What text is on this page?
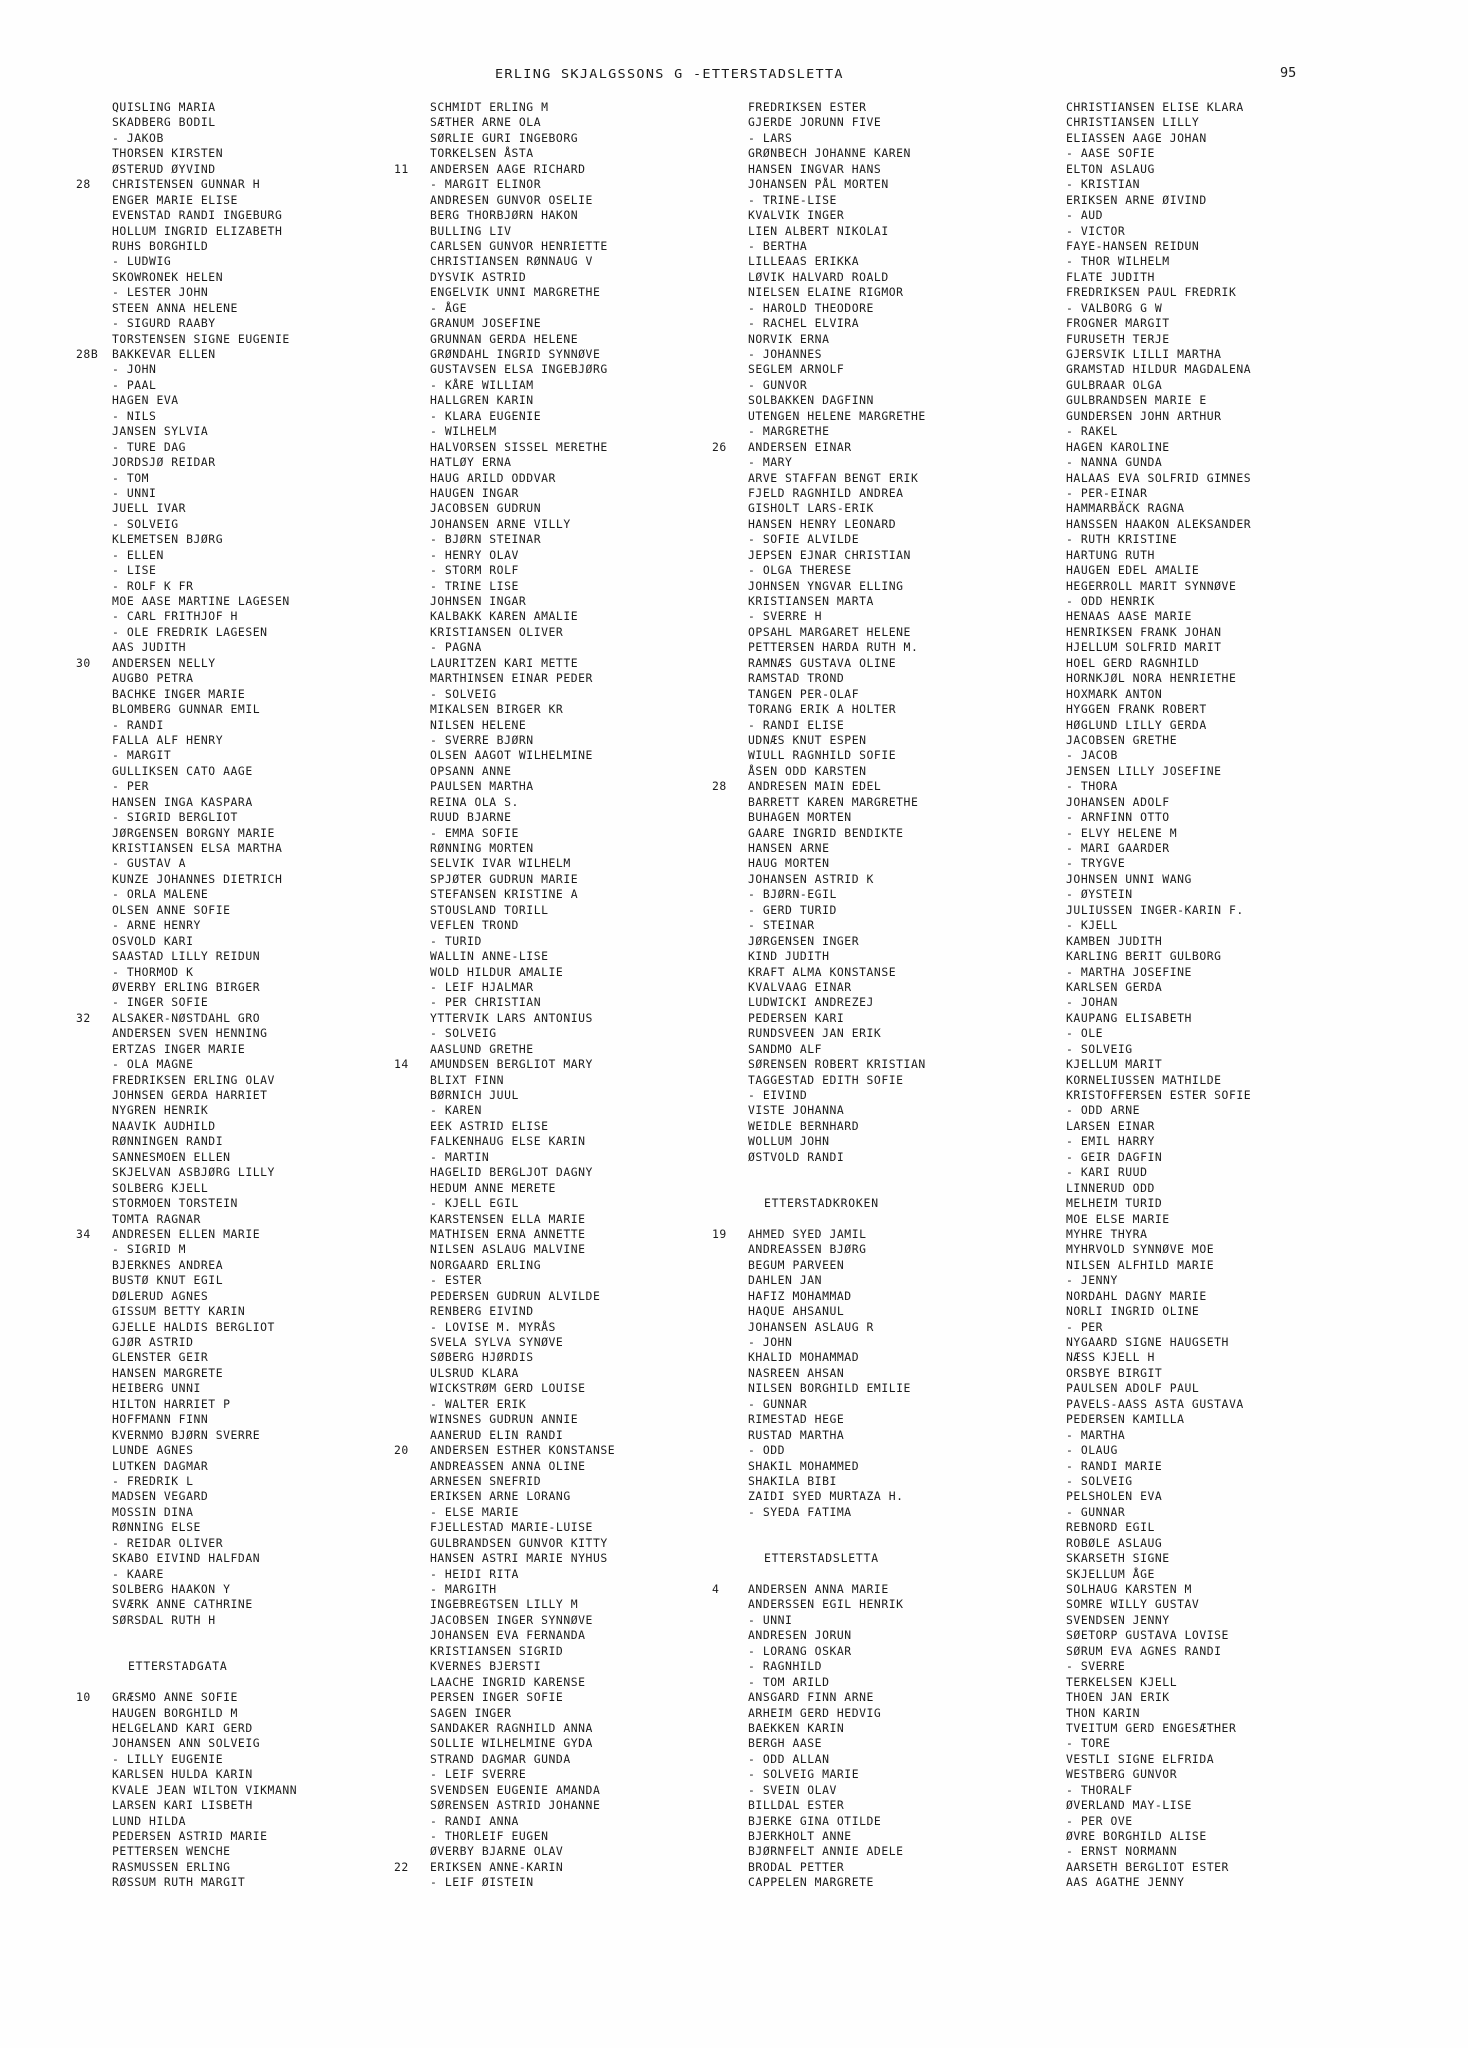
ERLING SKJALGSSONS G -ETTERSTADSLETTA	95
QUISLING MARIA
SKADBERG BODIL
- JAKOB
THORSEN KIRSTEN
ØSTERUD ØYVIND
28	CHRISTENSEN GUNNAR H
ENGER MARIE ELISE
EVENSTAD RANDI INGEBURG
HOLLUM INGRID ELIZABETH
RUHS BORGHILD
- LUDWIG
SKOWRONEK HELEN
- LESTER JOHN
STEEN ANNA HELENE
- SIGURD RAABY
TORSTENSEN SIGNE EUGENIE
28B	BAKKEVAR ELLEN
- JOHN
- PAAL
HAGEN EVA
- NILS
JANSEN SYLVIA
- TURE DAG
JORDSJØ REIDAR
- TOM
- UNNI
JUELL IVAR
- SOLVEIG
KLEMETSEN BJØRG
- ELLEN
- LISE
- ROLF K FR
MOE AASE MARTINE LAGESEN
- CARL FRITHJOF H
- OLE FREDRIK LAGESEN
AAS JUDITH
30	ANDERSEN NELLY
AUGBO PETRA
BACHKE INGER MARIE
BLOMBERG GUNNAR EMIL
- RANDI
FALLA ALF HENRY
- MARGIT
GULLIKSEN CATO AAGE
- PER
HANSEN INGA KASPARA
- SIGRID BERGLIOT
JØRGENSEN BORGNY MARIE
KRISTIANSEN ELSA MARTHA
- GUSTAV A
KUNZE JOHANNES DIETRICH
- ORLA MALENE
OLSEN ANNE SOFIE
- ARNE HENRY
OSVOLD KARI
SAASTAD LILLY REIDUN
- THORMOD K
ØVERBY ERLING BIRGER
- INGER SOFIE
32	ALSAKER-NØSTDAHL GRO
ANDERSEN SVEN HENNING
ERTZAS INGER MARIE
- OLA MAGNE
FREDRIKSEN ERLING OLAV
JOHNSEN GERDA HARRIET
NYGREN HENRIK
NAAVIK AUDHILD
RØNNINGEN RANDI
SANNESMOEN ELLEN
SKJELVAN ASBJØRG LILLY
SOLBERG KJELL
STORMOEN TORSTEIN
TOMTA RAGNAR
34	ANDRESEN ELLEN MARIE
- SIGRID M
BJERKNES ANDREA
BUSTØ KNUT EGIL
DØLERUD AGNES
GISSUM BETTY KARIN
GJELLE HALDIS BERGLIOT
GJØR ASTRID
GLENSTER GEIR
HANSEN MARGRETE
HEIBERG UNNI
HILTON HARRIET P
HOFFMANN FINN
KVERNMO BJØRN SVERRE
LUNDE AGNES
LUTKEN DAGMAR
- FREDRIK L
MADSEN VEGARD
MOSSIN DINA
RØNNING ELSE
- REIDAR OLIVER
SKABO EIVIND HALFDAN
- KAARE
SOLBERG HAAKON Y
SVÆRK ANNE CATHRINE
SØRSDAL RUTH H
ETTERSTADGATA
10	GRÆSMO ANNE SOFIE
HAUGEN BORGHILD M
HELGELAND KARI GERD
JOHANSEN ANN SOLVEIG
- LILLY EUGENIE
KARLSEN HULDA KARIN
KVALE JEAN WILTON VIKMANN
LARSEN KARI LISBETH
LUND HILDA
PEDERSEN ASTRID MARIE
PETTERSEN WENCHE
RASMUSSEN ERLING
RØSSUM RUTH MARGIT
SCHMIDT ERLING M
SÆTHER ARNE OLA
SØRLIE GURI INGEBORG
TORKELSEN ÅSTA
11	ANDERSEN AAGE RICHARD
- MARGIT ELINOR
ANDRESEN GUNVOR OSELIE
BERG THORBJØRN HAKON
BULLING LIV
CARLSEN GUNVOR HENRIETTE
CHRISTIANSEN RØNNAUG V
DYSVIK ASTRID
ENGELVIK UNNI MARGRETHE
- ÅGE
GRANUM JOSEFINE
GRUNNAN GERDA HELENE
GRØNDAHL INGRID SYNNØVE
GUSTAVSEN ELSA INGEBJØRG
- KÅRE WILLIAM
HALLGREN KARIN
- KLARA EUGENIE
- WILHELM
HALVORSEN SISSEL MERETHE
HATLØY ERNA
HAUG ARILD ODDVAR
HAUGEN INGAR
JACOBSEN GUDRUN
JOHANSEN ARNE VILLY
- BJØRN STEINAR
- HENRY OLAV
- STORM ROLF
- TRINE LISE
JOHNSEN INGAR
KALBAKK KAREN AMALIE
KRISTIANSEN OLIVER
- PAGNA
LAURITZEN KARI METTE
MARTHINSEN EINAR PEDER
- SOLVEIG
MIKALSEN BIRGER KR
NILSEN HELENE
- SVERRE BJØRN
OLSEN AAGOT WILHELMINE
OPSANN ANNE
PAULSEN MARTHA
REINA OLA S.
RUUD BJARNE
- EMMA SOFIE
RØNNING MORTEN
SELVIK IVAR WILHELM
SPJØTER GUDRUN MARIE
STEFANSEN KRISTINE A
STOUSLAND TORILL
VEFLEN TROND
- TURID
WALLIN ANNE-LISE
WOLD HILDUR AMALIE
- LEIF HJALMAR
- PER CHRISTIAN
YTTERVIK LARS ANTONIUS
- SOLVEIG
AASLUND GRETHE
14	AMUNDSEN BERGLIOT MARY
BLIXT FINN
BØRNICH JUUL
- KAREN
EEK ASTRID ELISE
FALKENHAUG ELSE KARIN
- MARTIN
HAGELID BERGLJOT DAGNY
HEDUM ANNE MERETE
- KJELL EGIL
KARSTENSEN ELLA MARIE
MATHISEN ERNA ANNETTE
NILSEN ASLAUG MALVINE
NORGAARD ERLING
- ESTER
PEDERSEN GUDRUN ALVILDE
RENBERG EIVIND
- LOVISE M. MYRÅS
SVELA SYLVA SYNØVE
SØBERG HJØRDIS
ULSRUD KLARA
WICKSTRØM GERD LOUISE
- WALTER ERIK
WINSNES GUDRUN ANNIE
AANERUD ELIN RANDI
20	ANDERSEN ESTHER KONSTANSE
ANDREASSEN ANNA OLINE
ARNESEN SNEFRID
ERIKSEN ARNE LORANG
- ELSE MARIE
FJELLESTAD MARIE-LUISE
GULBRANDSEN GUNVOR KITTY
HANSEN ASTRI MARIE NYHUS
- HEIDI RITA
- MARGITH
INGEBREGTSEN LILLY M
JACOBSEN INGER SYNNØVE
JOHANSEN EVA FERNANDA
KRISTIANSEN SIGRID
KVERNES BJERSTI
LAACHE INGRID KARENSE
PERSEN INGER SOFIE
SAGEN INGER
SANDAKER RAGNHILD ANNA
SOLLIE WILHELMINE GYDA
STRAND DAGMAR GUNDA
- LEIF SVERRE
SVENDSEN EUGENIE AMANDA
SØRENSEN ASTRID JOHANNE
- RANDI ANNA
- THORLEIF EUGEN
ØVERBY BJARNE OLAV
22	ERIKSEN ANNE-KARIN
- LEIF ØISTEIN
FREDRIKSEN ESTER
GJERDE JORUNN FIVE
- LARS
GRØNBECH JOHANNE KAREN
HANSEN INGVAR HANS
JOHANSEN PÅL MORTEN
- TRINE-LISE
KVALVIK INGER
LIEN ALBERT NIKOLAI
- BERTHA
LILLEAAS ERIKKA
LØVIK HALVARD ROALD
NIELSEN ELAINE RIGMOR
- HAROLD THEODORE
- RACHEL ELVIRA
NORVIK ERNA
- JOHANNES
SEGLEM ARNOLF
- GUNVOR
SOLBAKKEN DAGFINN
UTENGEN HELENE MARGRETHE
- MARGRETHE
26	ANDERSEN EINAR
- MARY
ARVE STAFFAN BENGT ERIK
FJELD RAGNHILD ANDREA
GISHOLT LARS-ERIK
HANSEN HENRY LEONARD
- SOFIE ALVILDE
JEPSEN EJNAR CHRISTIAN
- OLGA THERESE
JOHNSEN YNGVAR ELLING
KRISTIANSEN MARTA
- SVERRE H
OPSAHL MARGARET HELENE
PETTERSEN HARDA RUTH M.
RAMNÆS GUSTAVA OLINE
RAMSTAD TROND
TANGEN PER-OLAF
TORANG ERIK A HOLTER
- RANDI ELISE
UDNÆS KNUT ESPEN
WIULL RAGNHILD SOFIE
ÅSEN ODD KARSTEN
28	ANDRESEN MAIN EDEL
BARRETT KAREN MARGRETHE
BUHAGEN MORTEN
GAARE INGRID BENDIKTE
HANSEN ARNE
HAUG MORTEN
JOHANSEN ASTRID K
- BJØRN-EGIL
- GERD TURID
- STEINAR
JØRGENSEN INGER
KIND JUDITH
KRAFT ALMA KONSTANSE
KVALVAAG EINAR
LUDWICKI ANDREZEJ
PEDERSEN KARI
RUNDSVEEN JAN ERIK
SANDMO ALF
SØRENSEN ROBERT KRISTIAN
TAGGESTAD EDITH SOFIE
- EIVIND
VISTE JOHANNA
WEIDLE BERNHARD
WOLLUM JOHN
ØSTVOLD RANDI
ETTERSTADKROKEN
19	AHMED SYED JAMIL
ANDREASSEN BJØRG
BEGUM PARVEEN
DAHLEN JAN
HAFIZ MOHAMMAD
HAQUE AHSANUL
JOHANSEN ASLAUG R
- JOHN
KHALID MOHAMMAD
NASREEN AHSAN
NILSEN BORGHILD EMILIE
- GUNNAR
RIMESTAD HEGE
RUSTAD MARTHA
- ODD
SHAKIL MOHAMMED
SHAKILA BIBI
ZAIDI SYED MURTAZA H.
- SYEDA FATIMA
ETTERSTADSLETTA
4	ANDERSEN ANNA MARIE
ANDERSSEN EGIL HENRIK
- UNNI
ANDRESEN JORUN
- LORANG OSKAR
- RAGNHILD
- TOM ARILD
ANSGARD FINN ARNE
ARHEIM GERD HEDVIG
BAEKKEN KARIN
BERGH AASE
- ODD ALLAN
- SOLVEIG MARIE
- SVEIN OLAV
BILLDAL ESTER
BJERKE GINA OTILDE
BJERKHOLT ANNE
BJØRNFELT ANNIE ADELE
BRODAL PETTER
CAPPELEN MARGRETE
CHRISTIANSEN ELISE KLARA
CHRISTIANSEN LILLY
ELIASSEN AAGE JOHAN
- AASE SOFIE
ELTON ASLAUG
- KRISTIAN
ERIKSEN ARNE ØIVIND
- AUD
- VICTOR
FAYE-HANSEN REIDUN
- THOR WILHELM
FLATE JUDITH
FREDRIKSEN PAUL FREDRIK
- VALBORG G W
FROGNER MARGIT
FURUSETH TERJE
GJERSVIK LILLI MARTHA
GRAMSTAD HILDUR MAGDALENA
GULBRAAR OLGA
GULBRANDSEN MARIE E
GUNDERSEN JOHN ARTHUR
- RAKEL
HAGEN KAROLINE
- NANNA GUNDA
HALAAS EVA SOLFRID GIMNES
- PER-EINAR
HAMMARBÄCK RAGNA
HANSSEN HAAKON ALEKSANDER
- RUTH KRISTINE
HARTUNG RUTH
HAUGEN EDEL AMALIE
HEGERROLL MARIT SYNNØVE
- ODD HENRIK
HENAAS AASE MARIE
HENRIKSEN FRANK JOHAN
HJELLUM SOLFRID MARIT
HOEL GERD RAGNHILD
HORNKJØL NORA HENRIETHE
HOXMARK ANTON
HYGGEN FRANK ROBERT
HØGLUND LILLY GERDA
JACOBSEN GRETHE
- JACOB
JENSEN LILLY JOSEFINE
- THORA
JOHANSEN ADOLF
- ARNFINN OTTO
- ELVY HELENE M
- MARI GAARDER
- TRYGVE
JOHNSEN UNNI WANG
- ØYSTEIN
JULIUSSEN INGER-KARIN F.
- KJELL
KAMBEN JUDITH
KARLING BERIT GULBORG
- MARTHA JOSEFINE
KARLSEN GERDA
- JOHAN
KAUPANG ELISABETH
- OLE
- SOLVEIG
KJELLUM MARIT
KORNELIUSSEN MATHILDE
KRISTOFFERSEN ESTER SOFIE
- ODD ARNE
LARSEN EINAR
- EMIL HARRY
- GEIR DAGFIN
- KARI RUUD
LINNERUD ODD
MELHEIM TURID
MOE ELSE MARIE
MYHRE THYRA
MYHRVOLD SYNNØVE MOE
NILSEN ALFHILD MARIE
- JENNY
NORDAHL DAGNY MARIE
NORLI INGRID OLINE
- PER
NYGAARD SIGNE HAUGSETH
NÆSS KJELL H
ORSBYE BIRGIT
PAULSEN ADOLF PAUL
PAVELS-AASS ASTA GUSTAVA
PEDERSEN KAMILLA
- MARTHA
- OLAUG
- RANDI MARIE
- SOLVEIG
PELSHOLEN EVA
- GUNNAR
REBNORD EGIL
ROBØLE ASLAUG
SKARSETH SIGNE
SKJELLUM ÅGE
SOLHAUG KARSTEN M
SOMRE WILLY GUSTAV
SVENDSEN JENNY
SØETORP GUSTAVA LOVISE
SØRUM EVA AGNES RANDI
- SVERRE
TERKELSEN KJELL
THOEN JAN ERIK
THON KARIN
TVEITUM GERD ENGESÆTHER
- TORE
VESTLI SIGNE ELFRIDA
WESTBERG GUNVOR
- THORALF
ØVERLAND MAY-LISE
- PER OVE
ØVRE BORGHILD ALISE
- ERNST NORMANN
AARSETH BERGLIOT ESTER
AAS AGATHE JENNY
